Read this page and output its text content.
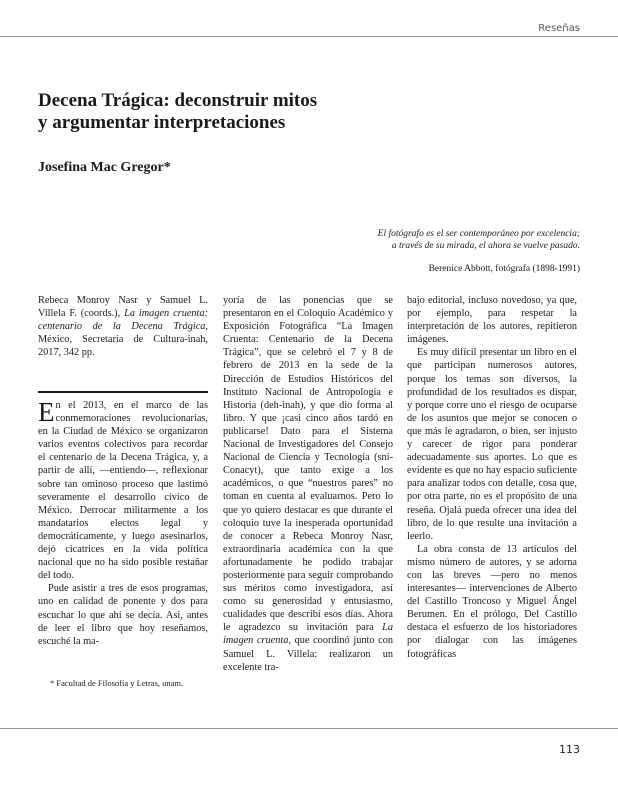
Reseñas
Decena Trágica: deconstruir mitos
y argumentar interpretaciones
Josefina Mac Gregor*
El fotógrafo es el ser contemporáneo por excelencia;
a través de su mirada, el ahora se vuelve pasado.
Berenice Abbott, fotógrafa (1898-1991)

Rebeca Monroy Nasr y Samuel L. Villela F. (coords.), La imagen cruenta: centenario de la Decena Trágica, México, Secretaría de Cultura-inah, 2017, 342 pp.

En el 2013, en el marco de las conmemoraciones revolucionarias, en la Ciudad de México se organizaron varios eventos colectivos para recordar el centenario de la Decena Trágica, y, a partir de allí, —entiendo—, reflexionar sobre tan ominoso proceso que lastimó severamente el desarrollo cívico de México. Derrocar militarmente a los mandatarios electos legal y democráticamente, y luego asesinarlos, dejó cicatrices en la vida política nacional que no ha sido posible restañar del todo.

Pude asistir a tres de esos programas, uno en calidad de ponente y dos para escuchar lo que ahí se decía. Así, antes de leer el libro que hoy reseñamos, escuché la ma-

yoría de las ponencias que se presentaron en el Coloquio Académico y Exposición Fotográfica “La Imagen Cruenta: Centenario de la Decena Trágica”, que se celebró el 7 y 8 de febrero de 2013 en la sede de la Dirección de Estudios Históricos del Instituto Nacional de Antropología e Historia (deh-inah), y que dio forma al libro. Y que ¡casi cinco años tardó en publicarse! Dato para el Sistema Nacional de Investigadores del Consejo Nacional de Ciencia y Tecnología (sni-Conacyt), que tanto exige a los académicos, o que “nuestros pares” no toman en cuenta al evaluarnos. Pero lo que yo quiero destacar es que durante el coloquio tuve la inesperada oportunidad de conocer a Rebeca Monroy Nasr, extraordinaria académica con la que afortunadamente he podido trabajar posteriormente para seguir comprobando sus méritos como investigadora, así como su generosidad y entusiasmo, cualidades que describí esos días. Ahora le agradezco su invitación para La imagen cruenta, que coordinó junto con Samuel L. Villela: realizaron un excelente tra-

bajo editorial, incluso novedoso, ya que, por ejemplo, para respetar la interpretación de los autores, repitieron imágenes.

Es muy difícil presentar un libro en el que participan numerosos autores, porque los temas son diversos, la profundidad de los resultados es dispar, y porque corre uno el riesgo de ocuparse de los asuntos que mejor se conocen o que más le agradaron, o bien, ser injusto y carecer de rigor para ponderar adecuadamente sus aportes. Lo que es evidente es que no hay espacio suficiente para analizar todos con detalle, cosa que, por otra parte, no es el propósito de una reseña. Ojalá pueda ofrecer una idea del libro, de lo que resulte una invitación a leerlo.

La obra consta de 13 artículos del mismo número de autores, y se adorna con las breves —pero no menos interesantes— intervenciones de Alberto del Castillo Troncoso y Miguel Ángel Berumen. En el prólogo, Del Castillo destaca el esfuerzo de los historiadores por dialogar con las imágenes fotográficas

* Facultad de Filosofía y Letras, unam.
113
